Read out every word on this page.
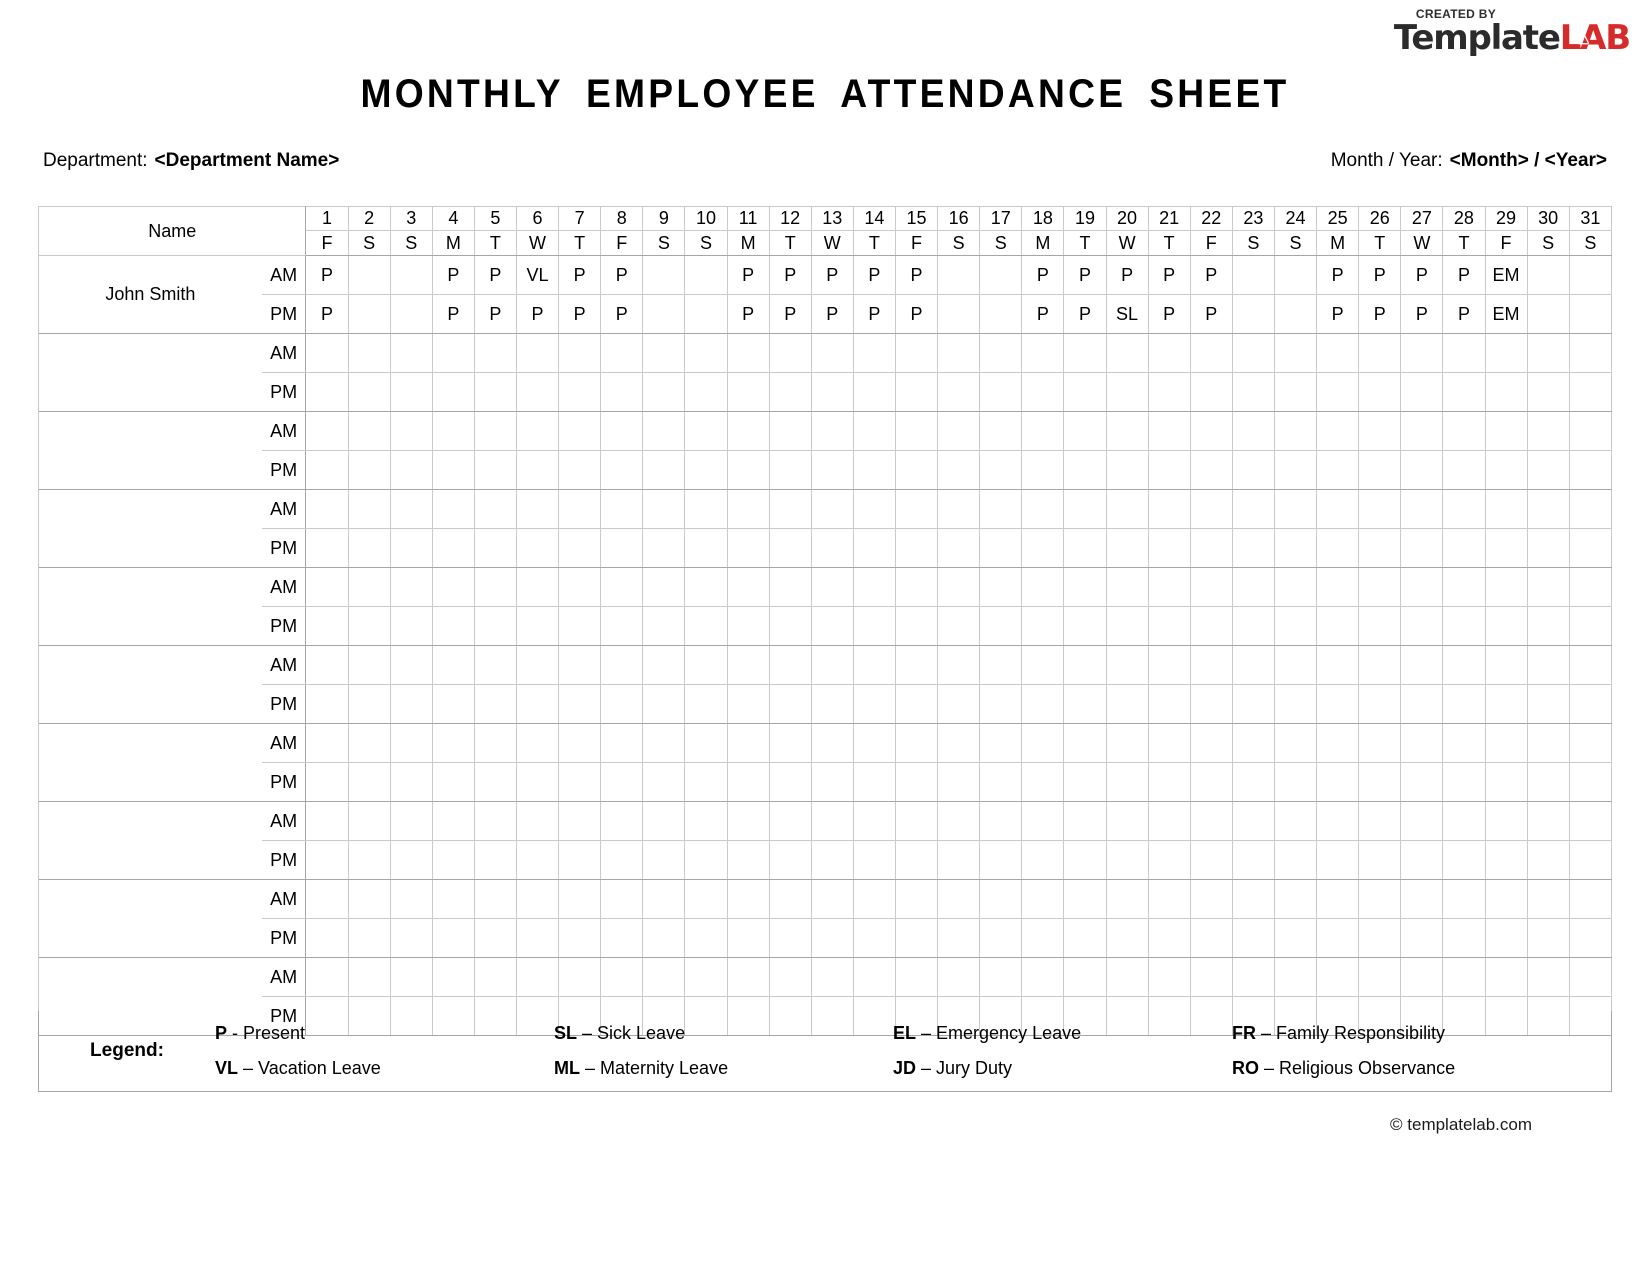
CREATED BY
TemplateLAB
MONTHLY EMPLOYEE ATTENDANCE SHEET
Department: <Department Name>	Month / Year: <Month> / <Year>
Name		1	2	3	4	5	6	7	8	9	10	11	12	13	14	15	16	17	18	19	20	21	22	23	24	25	26	27	28	29	30	31
		F	S	S	M	T	W	T	F	S	S	M	T	W	T	F	S	S	M	T	W	T	F	S	S	M	T	W	T	F	S	S
John Smith	AM	P			P	P	VL	P	P			P	P	P	P	P			P	P	P	P	P			P	P	P	P	EM		
	PM	P			P	P	P	P	P			P	P	P	P	P			P	P	SL	P	P			P	P	P	P	EM		
	AM																															
	PM																															
	AM																															
	PM																															
	AM																															
	PM																															
	AM																															
	PM																															
	AM																															
	PM																															
	AM																															
	PM																															
	AM																															
	PM																															
	AM																															
	PM																															
	AM																															
	PM																															
Legend:
P - Present	SL – Sick Leave	EL – Emergency Leave	FR – Family Responsibility
VL – Vacation Leave	ML – Maternity Leave	JD – Jury Duty	RO – Religious Observance
© templatelab.com
